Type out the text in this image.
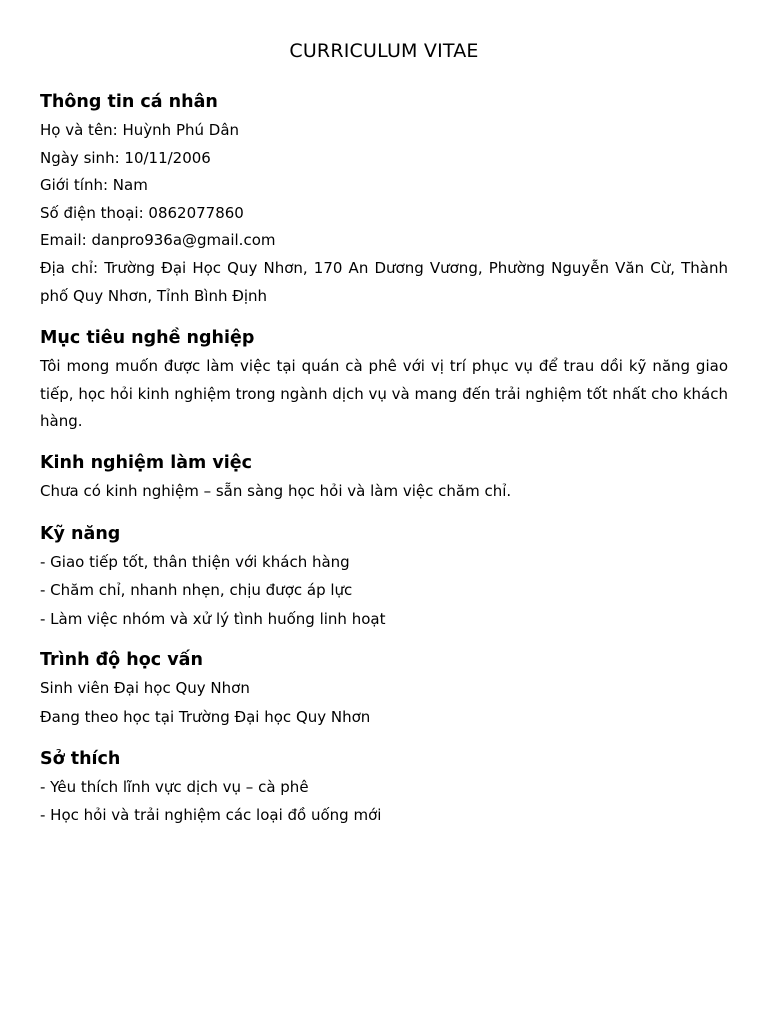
CURRICULUM VITAE
Thông tin cá nhân

Họ và tên: Huỳnh Phú Dân

Ngày sinh: 10/11/2006

Giới tính: Nam

Số điện thoại: 0862077860

Email: danpro936a@gmail.com

Địa chỉ: Trường Đại Học Quy Nhơn, 170 An Dương Vương, Phường Nguyễn Văn Cừ, Thành phố Quy Nhơn, Tỉnh Bình Định

Mục tiêu nghề nghiệp

Tôi mong muốn được làm việc tại quán cà phê với vị trí phục vụ để trau dồi kỹ năng giao tiếp, học hỏi kinh nghiệm trong ngành dịch vụ và mang đến trải nghiệm tốt nhất cho khách hàng.

Kinh nghiệm làm việc

Chưa có kinh nghiệm – sẵn sàng học hỏi và làm việc chăm chỉ.

Kỹ năng

- Giao tiếp tốt, thân thiện với khách hàng

- Chăm chỉ, nhanh nhẹn, chịu được áp lực

- Làm việc nhóm và xử lý tình huống linh hoạt

Trình độ học vấn

Sinh viên Đại học Quy Nhơn

Đang theo học tại Trường Đại học Quy Nhơn

Sở thích

- Yêu thích lĩnh vực dịch vụ – cà phê

- Học hỏi và trải nghiệm các loại đồ uống mới
